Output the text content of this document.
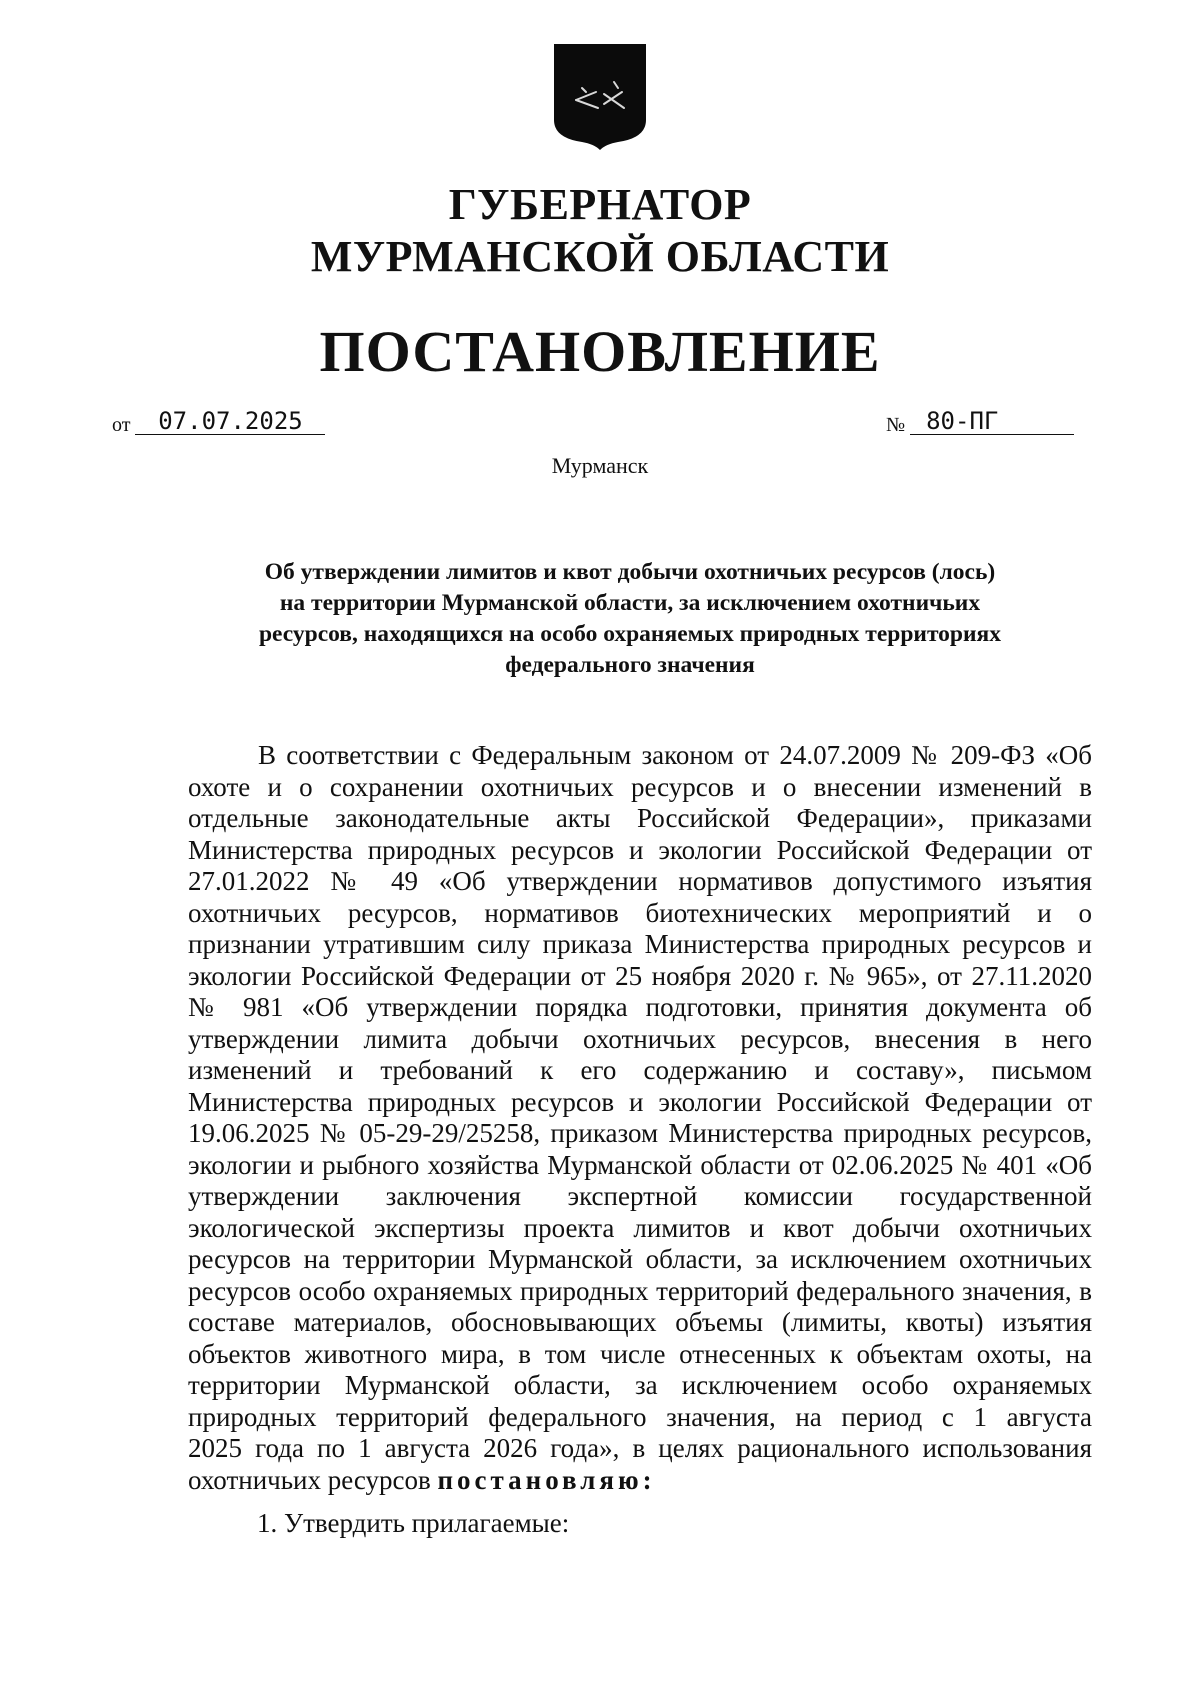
ГУБЕРНАТОР
МУРМАНСКОЙ ОБЛАСТИ
ПОСТАНОВЛЕНИЕ
от 07.07.2025	№ 80-ПГ
Мурманск
Об утверждении лимитов и квот добычи охотничьих ресурсов (лось)
на территории Мурманской области, за исключением охотничьих
ресурсов, находящихся на особо охраняемых природных территориях
федерального значения
В соответствии с Федеральным законом от 24.07.2009 № 209-ФЗ «Об
охоте и о сохранении охотничьих ресурсов и о внесении изменений в
отдельные законодательные акты Российской Федерации», приказами
Министерства природных ресурсов и экологии Российской Федерации от
27.01.2022 № 49 «Об утверждении нормативов допустимого изъятия
охотничьих ресурсов, нормативов биотехнических мероприятий и о
признании утратившим силу приказа Министерства природных ресурсов и
экологии Российской Федерации от 25 ноября 2020 г. № 965», от 27.11.2020
№ 981 «Об утверждении порядка подготовки, принятия документа об
утверждении лимита добычи охотничьих ресурсов, внесения в него
изменений и требований к его содержанию и составу», письмом
Министерства природных ресурсов и экологии Российской Федерации от
19.06.2025 № 05-29-29/25258, приказом Министерства природных ресурсов,
экологии и рыбного хозяйства Мурманской области от 02.06.2025 № 401 «Об
утверждении заключения экспертной комиссии государственной
экологической экспертизы проекта лимитов и квот добычи охотничьих
ресурсов на территории Мурманской области, за исключением охотничьих
ресурсов особо охраняемых природных территорий федерального значения, в
составе материалов, обосновывающих объемы (лимиты, квоты) изъятия
объектов животного мира, в том числе отнесенных к объектам охоты, на
территории Мурманской области, за исключением особо охраняемых
природных территорий федерального значения, на период с 1 августа
2025 года по 1 августа 2026 года», в целях рационального использования
охотничьих ресурсов постановляю:
1. Утвердить прилагаемые:
